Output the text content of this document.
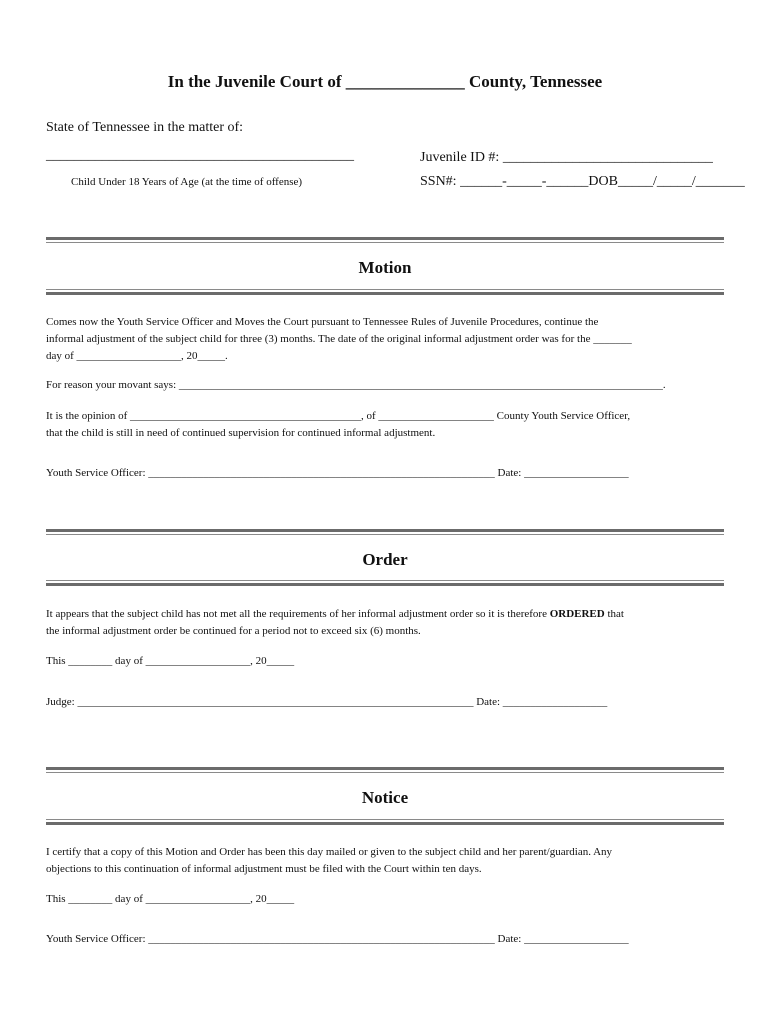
In the Juvenile Court of ______________ County, Tennessee
State of Tennessee in the matter of:
____________________________________________
Child Under 18 Years of Age (at the time of offense)
Juvenile ID #: ______________________________
SSN#: ______-_____-______DOB_____/_____/_______
Motion
Comes now the Youth Service Officer and Moves the Court pursuant to Tennessee Rules of Juvenile Procedures, continue the
informal adjustment of the subject child for three (3) months. The date of the original informal adjustment order was for the _______
day of ___________________, 20_____.
For reason your movant says: ________________________________________________________________________________________.
It is the opinion of __________________________________________, of _____________________ County Youth Service Officer,
that the child is still in need of continued supervision for continued informal adjustment.
Youth Service Officer: _______________________________________________________________ Date: ___________________
Order
It appears that the subject child has not met all the requirements of her informal adjustment order so it is therefore ORDERED that
the informal adjustment order be continued for a period not to exceed six (6) months.
This ________ day of ___________________, 20_____
Judge: ________________________________________________________________________ Date: ___________________
Notice
I certify that a copy of this Motion and Order has been this day mailed or given to the subject child and her parent/guardian. Any
objections to this continuation of informal adjustment must be filed with the Court within ten days.
This ________ day of ___________________, 20_____
Youth Service Officer: _______________________________________________________________ Date: ___________________
